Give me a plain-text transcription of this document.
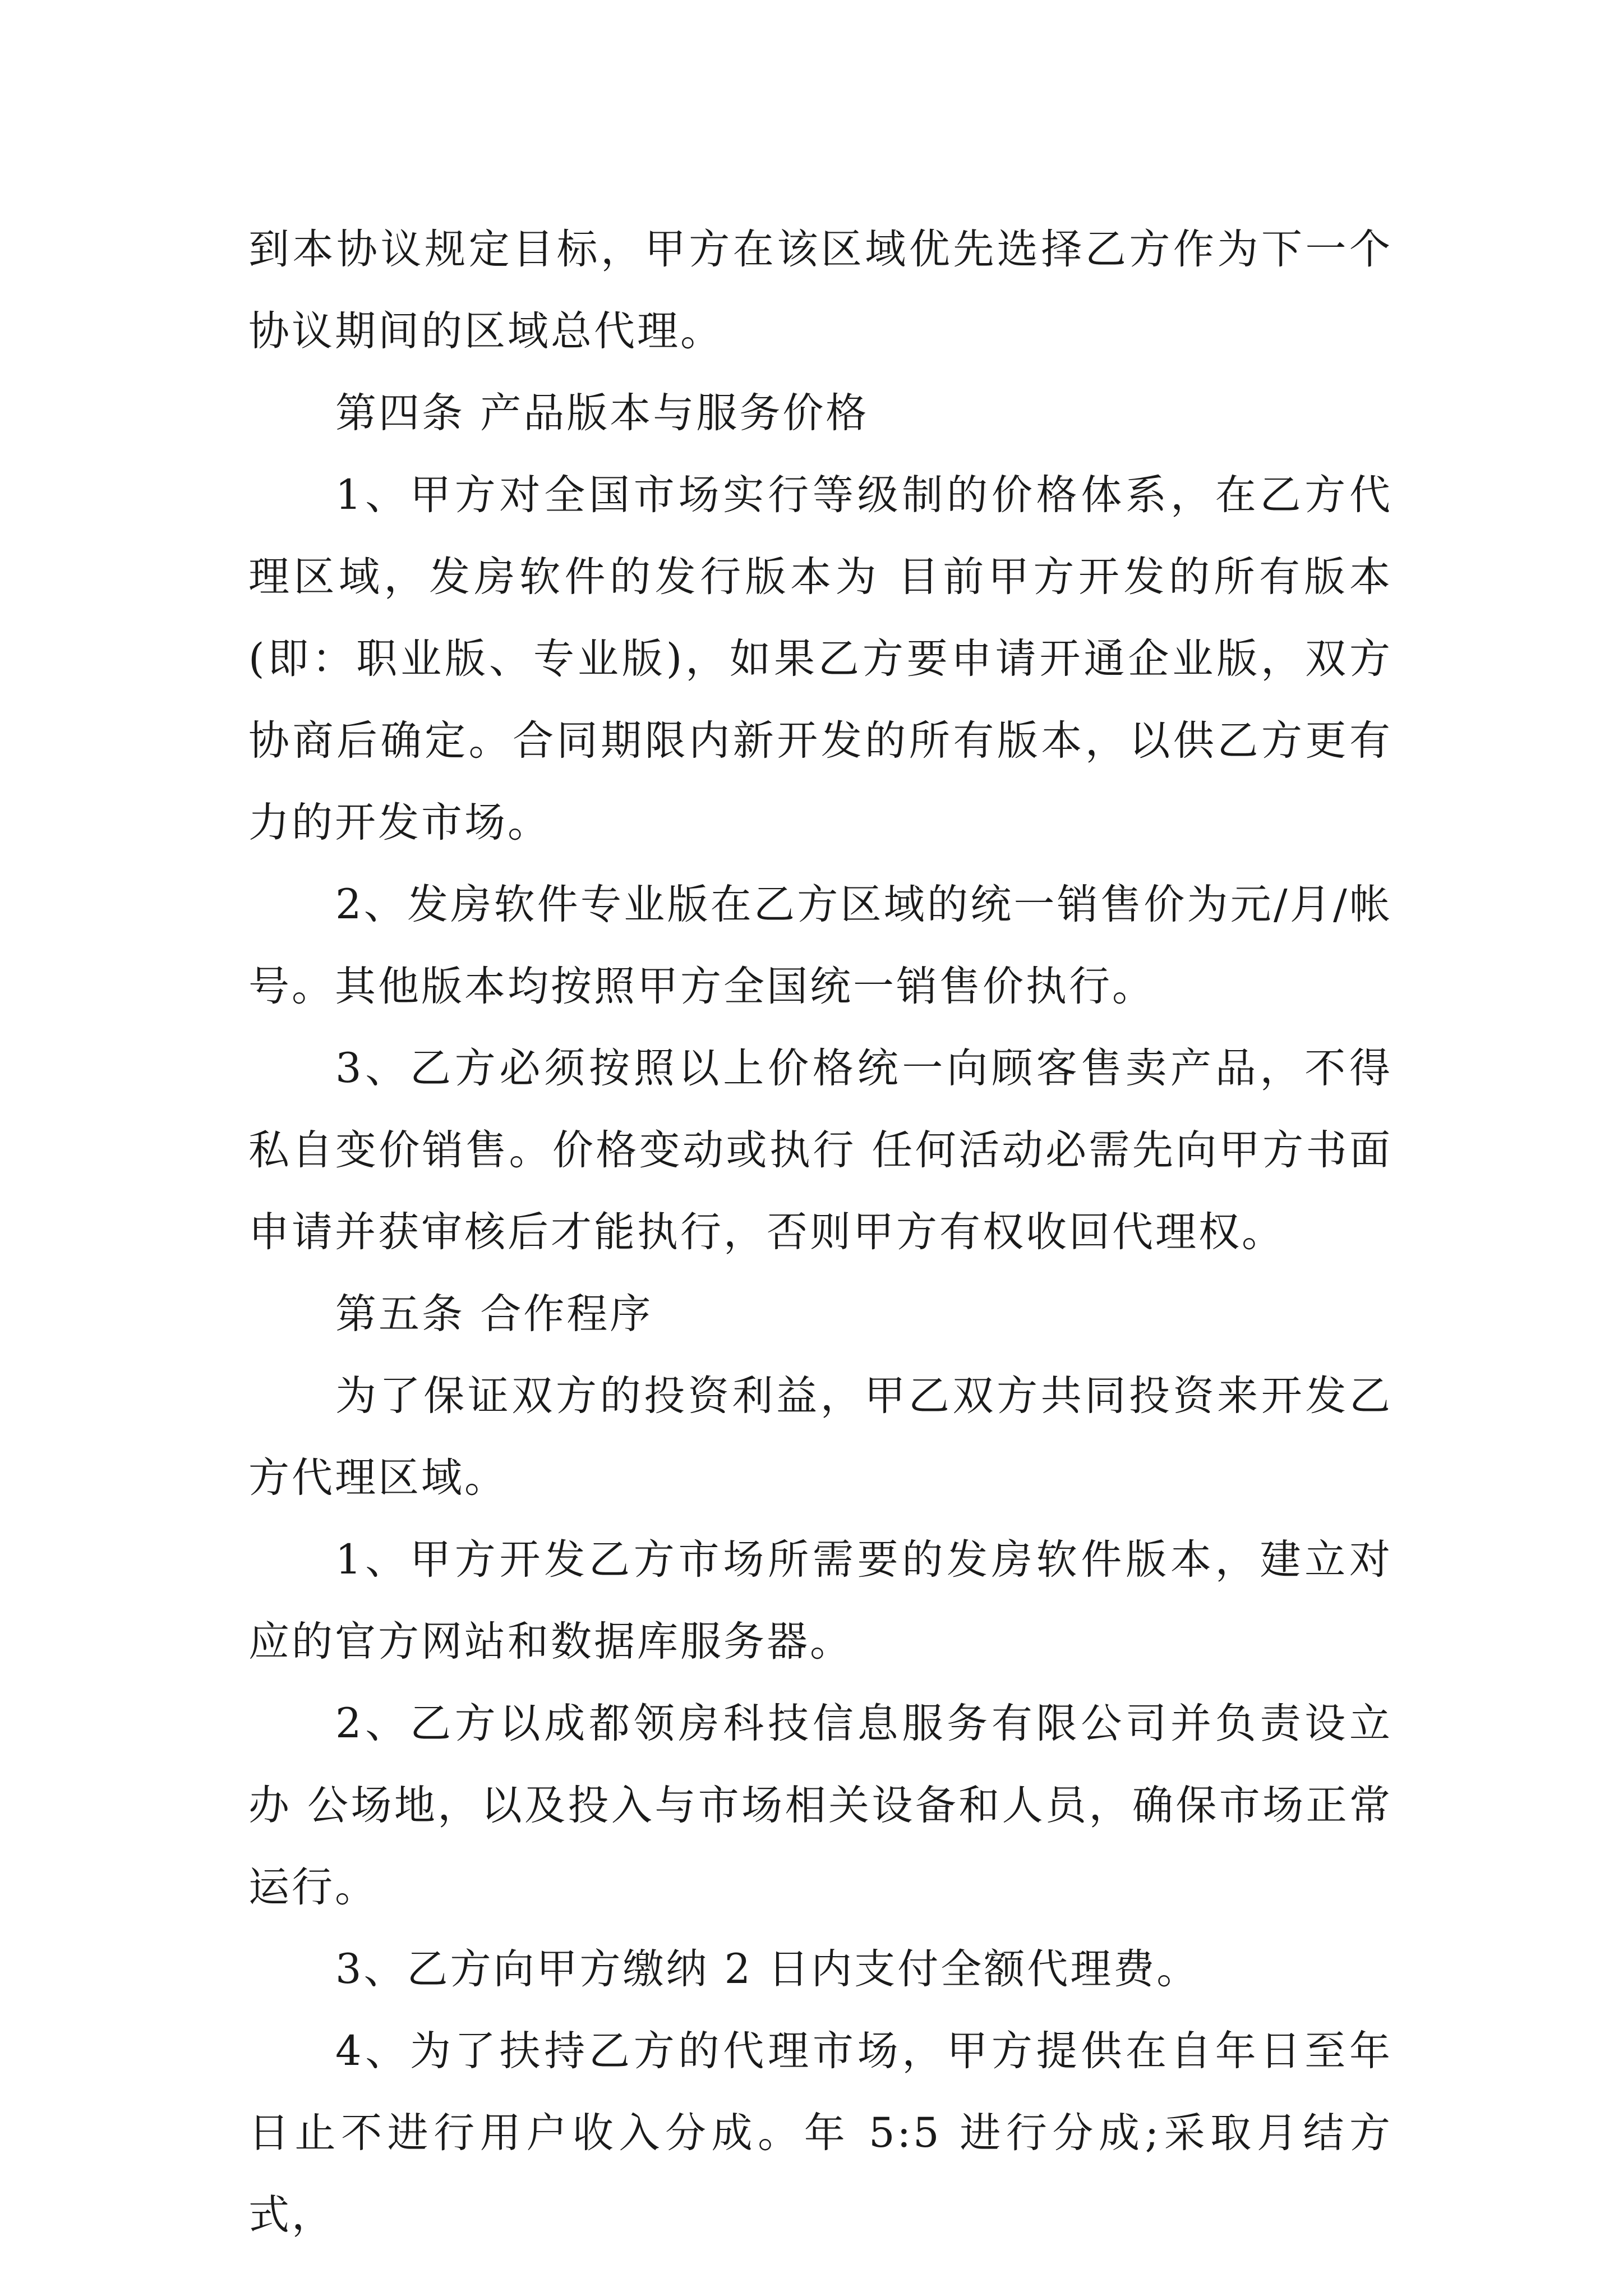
到本协议规定目标，甲方在该区域优先选择乙方作为下一个协议期间的区域总代理。

第四条 产品版本与服务价格

1、甲方对全国市场实行等级制的价格体系，在乙方代理区域，发房软件的发行版本为 目前甲方开发的所有版本(即：职业版、专业版)，如果乙方要申请开通企业版，双方协商后确定。合同期限内新开发的所有版本，以供乙方更有力的开发市场。

2、发房软件专业版在乙方区域的统一销售价为元/月/帐号。其他版本均按照甲方全国统一销售价执行。

3、乙方必须按照以上价格统一向顾客售卖产品，不得私自变价销售。价格变动或执行 任何活动必需先向甲方书面申请并获审核后才能执行，否则甲方有权收回代理权。

第五条 合作程序

为了保证双方的投资利益，甲乙双方共同投资来开发乙方代理区域。

1、甲方开发乙方市场所需要的发房软件版本，建立对应的官方网站和数据库服务器。

2、乙方以成都领房科技信息服务有限公司并负责设立办 公场地，以及投入与市场相关设备和人员，确保市场正常运行。

3、乙方向甲方缴纳 2 日内支付全额代理费。

4、为了扶持乙方的代理市场，甲方提供在自年日至年日止不进行用户收入分成。年 5:5 进行分成;采取月结方式，
